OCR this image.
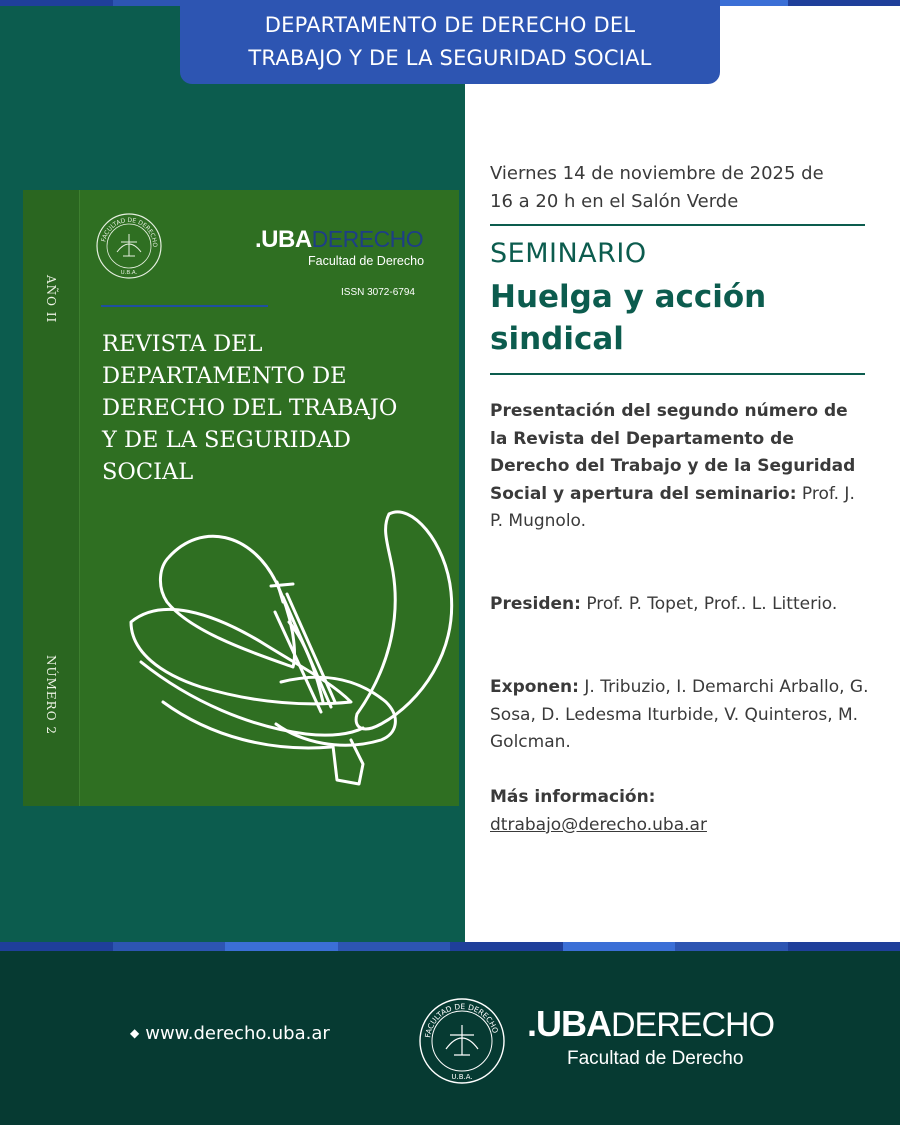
DEPARTAMENTO DE DERECHO DEL
TRABAJO Y DE LA SEGURIDAD SOCIAL
AÑO II
NÚMERO 2
FACULTAD DE DERECHO
U.B.A.
.UBADERECHO
Facultad de Derecho
ISSN 3072-6794
REVISTA DEL
DEPARTAMENTO DE
DERECHO DEL TRABAJO
Y DE LA SEGURIDAD
SOCIAL
Viernes 14 de noviembre de 2025 de
16 a 20 h en el Salón Verde
SEMINARIO
Huelga y acción
sindical

Presentación del segundo número de la Revista del Departamento de Derecho del Trabajo y de la Seguridad Social y apertura del seminario: Prof. J. P. Mugnolo.

Presiden: Prof. P. Topet, Prof.. L. Litterio.

Exponen: J. Tribuzio, I. Demarchi Arballo, G. Sosa, D. Ledesma Iturbide, V. Quinteros, M. Golcman.

Más información:
dtrabajo@derecho.uba.ar
◆ www.derecho.uba.ar	FACULTAD DE DERECHO
U.B.A.
.UBADERECHO
Facultad de Derecho
